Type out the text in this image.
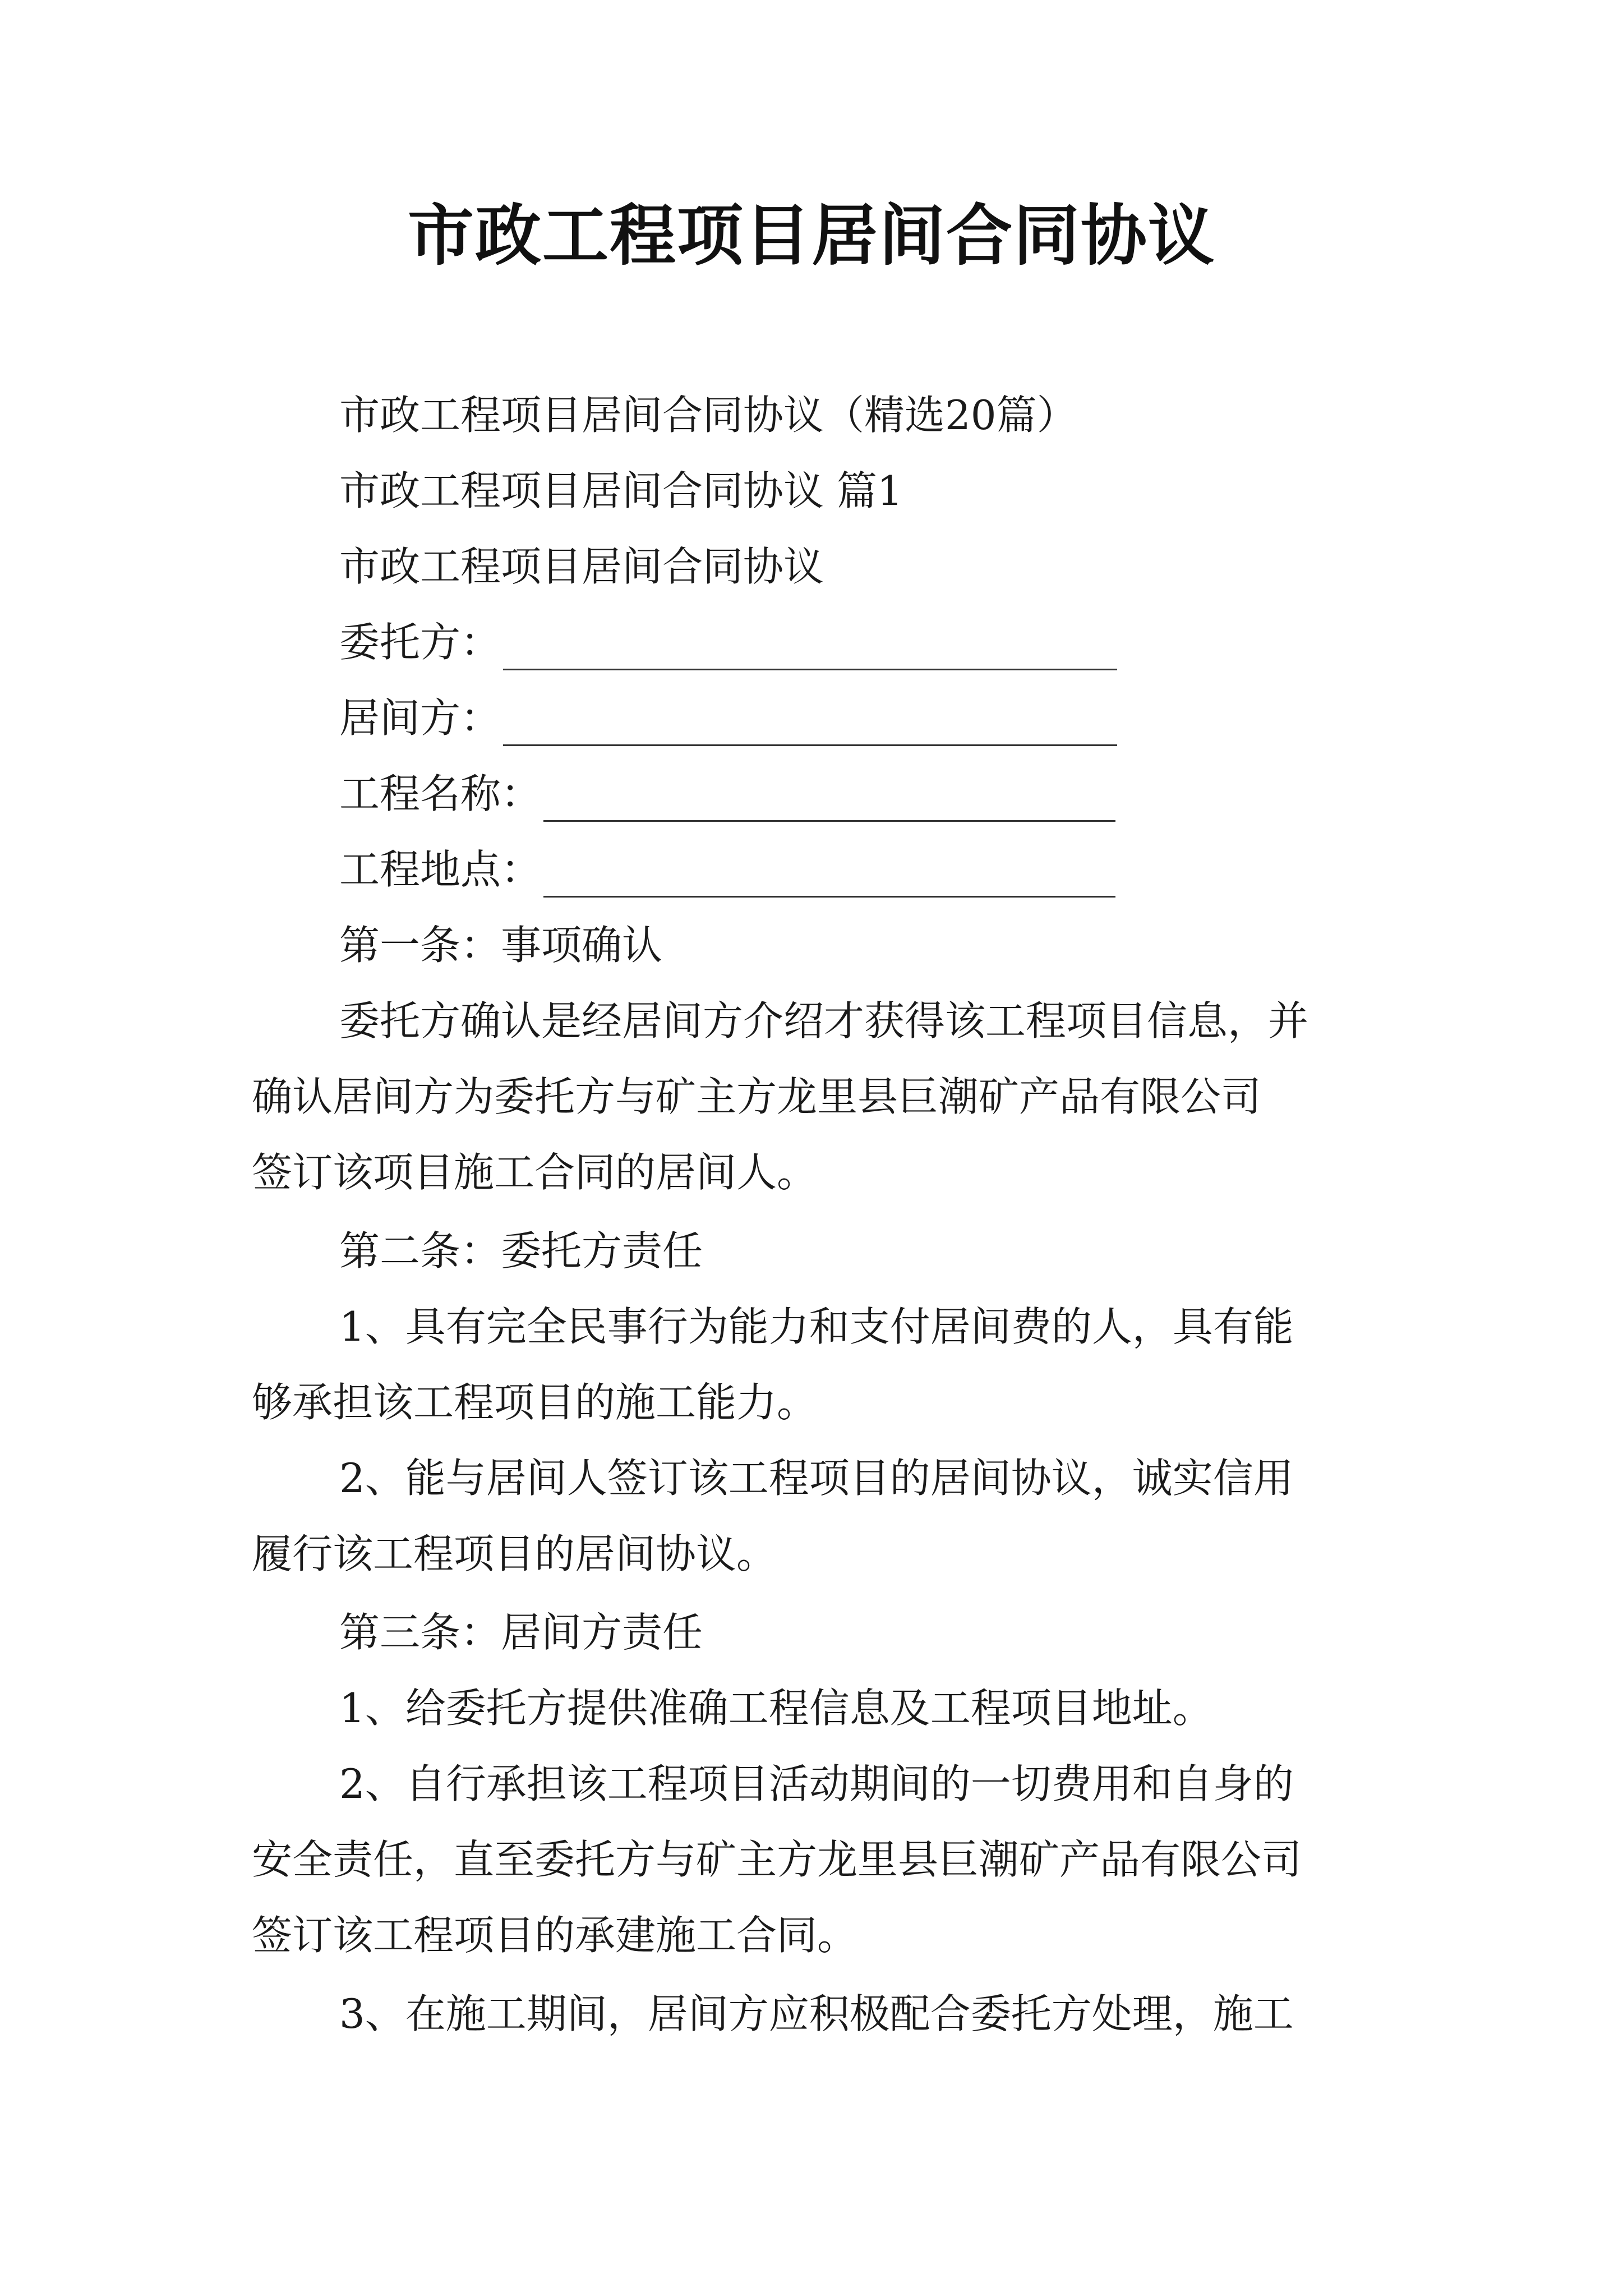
市政工程项目居间合同协议
市政工程项目居间合同协议（精选20篇）
市政工程项目居间合同协议 篇1
市政工程项目居间合同协议
委托方：
居间方：
工程名称：
工程地点：
第一条：事项确认
委托方确认是经居间方介绍才获得该工程项目信息，并
确认居间方为委托方与矿主方龙里县巨潮矿产品有限公司
签订该项目施工合同的居间人。
第二条：委托方责任
1、具有完全民事行为能力和支付居间费的人，具有能
够承担该工程项目的施工能力。
2、能与居间人签订该工程项目的居间协议，诚实信用
履行该工程项目的居间协议。
第三条：居间方责任
1、给委托方提供准确工程信息及工程项目地址。
2、自行承担该工程项目活动期间的一切费用和自身的
安全责任，直至委托方与矿主方龙里县巨潮矿产品有限公司
签订该工程项目的承建施工合同。
3、在施工期间，居间方应积极配合委托方处理，施工
